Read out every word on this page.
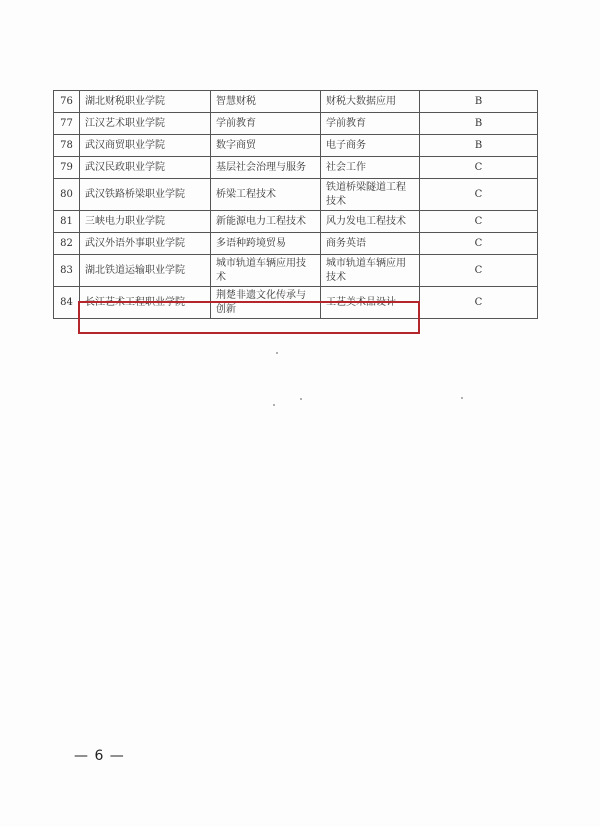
76	湖北财税职业学院	智慧财税	财税大数据应用	B
77	江汉艺术职业学院	学前教育	学前教育	B
78	武汉商贸职业学院	数字商贸	电子商务	B
79	武汉民政职业学院	基层社会治理与服务	社会工作	C
80	武汉铁路桥梁职业学院	桥梁工程技术	铁道桥梁隧道工程技术	C
81	三峡电力职业学院	新能源电力工程技术	风力发电工程技术	C
82	武汉外语外事职业学院	多语种跨境贸易	商务英语	C
83	湖北铁道运输职业学院	城市轨道车辆应用技术	城市轨道车辆应用技术	C
84	长江艺术工程职业学院	荆楚非遗文化传承与创新	工艺美术品设计	C
— 6 —
